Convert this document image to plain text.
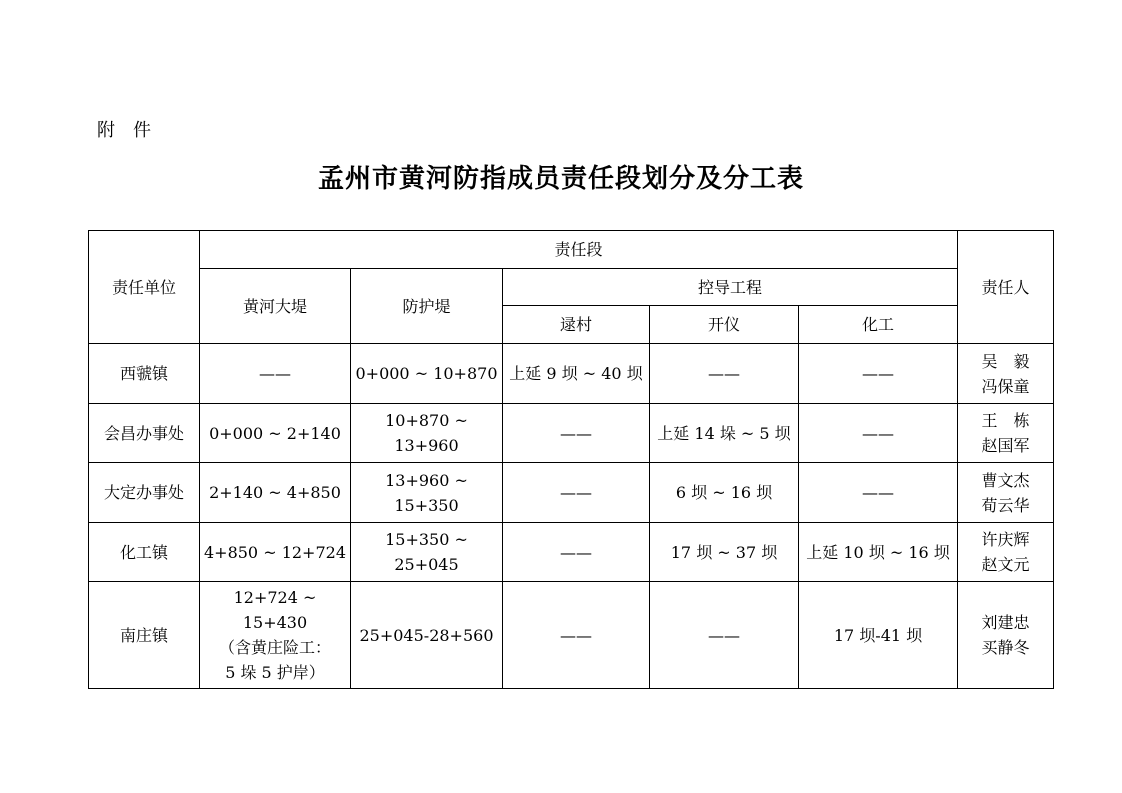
附　件
孟州市黄河防指成员责任段划分及分工表
责任单位	责任段					责任人
	黄河大堤	防护堤	控导工程			
			逯村	开仪	化工	
西虢镇	——	0+000 ~ 10+870	上延 9 坝 ~ 40 坝	——	——	吴　毅
冯保童

会昌办事处	0+000 ~ 2+140	10+870 ~ 13+960	——	上延 14 垛 ~ 5 坝	——	王　栋
赵国军

大定办事处	2+140 ~ 4+850	13+960 ~ 15+350	——	6 坝 ~ 16 坝	——	曹文杰
荀云华

化工镇	4+850 ~ 12+724	15+350 ~ 25+045	——	17 坝 ~ 37 坝	上延 10 坝 ~ 16 坝	许庆辉
赵文元

南庄镇	12+724 ~ 15+430
（含黄庄险工：
5 垛 5 护岸）	25+045-28+560	——	——	17 坝-41 坝	刘建忠
买静冬
